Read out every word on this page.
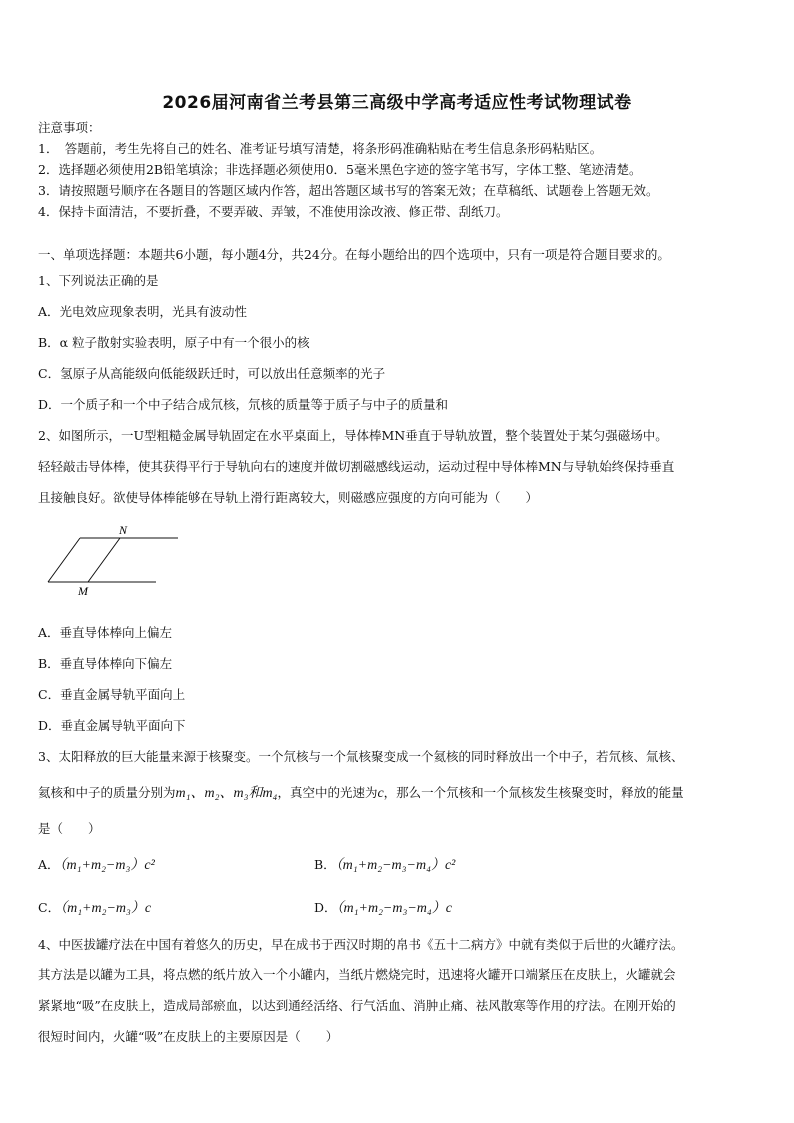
2026届河南省兰考县第三高级中学高考适应性考试物理试卷
注意事项：
1．　答题前，考生先将自己的姓名、准考证号填写清楚，将条形码准确粘贴在考生信息条形码粘贴区。
2．选择题必须使用2B铅笔填涂；非选择题必须使用0．5毫米黑色字迹的签字笔书写，字体工整、笔迹清楚。
3．请按照题号顺序在各题目的答题区域内作答，超出答题区域书写的答案无效；在草稿纸、试题卷上答题无效。
4．保持卡面清洁，不要折叠，不要弄破、弄皱，不准使用涂改液、修正带、刮纸刀。
一、单项选择题：本题共6小题，每小题4分，共24分。在每小题给出的四个选项中，只有一项是符合题目要求的。
1、下列说法正确的是
A．光电效应现象表明，光具有波动性
B．α 粒子散射实验表明，原子中有一个很小的核
C．氢原子从高能级向低能级跃迁时，可以放出任意频率的光子
D．一个质子和一个中子结合成氘核，氘核的质量等于质子与中子的质量和
2、如图所示，一U型粗糙金属导轨固定在水平桌面上，导体棒MN垂直于导轨放置，整个装置处于某匀强磁场中。
轻轻敲击导体棒，使其获得平行于导轨向右的速度并做切割磁感线运动，运动过程中导体棒MN与导轨始终保持垂直
且接触良好。欲使导体棒能够在导轨上滑行距离较大，则磁感应强度的方向可能为（　　）
N
M
A．垂直导体棒向上偏左
B．垂直导体棒向下偏左
C．垂直金属导轨平面向上
D．垂直金属导轨平面向下
3、太阳释放的巨大能量来源于核聚变。一个氘核与一个氚核聚变成一个氦核的同时释放出一个中子，若氘核、氚核、
氦核和中子的质量分别为m₁、m₂、m₃和m₄，真空中的光速为c，那么一个氘核和一个氚核发生核聚变时，释放的能量
是（　　）
A．（m₁+m₂−m₃）c²	B．（m₁+m₂−m₃−m₄）c²
C．（m₁+m₂−m₃）c	D．（m₁+m₂−m₃−m₄）c
4、中医拔罐疗法在中国有着悠久的历史，早在成书于西汉时期的帛书《五十二病方》中就有类似于后世的火罐疗法。
其方法是以罐为工具，将点燃的纸片放入一个小罐内，当纸片燃烧完时，迅速将火罐开口端紧压在皮肤上，火罐就会
紧紧地“吸”在皮肤上，造成局部瘀血，以达到通经活络、行气活血、消肿止痛、祛风散寒等作用的疗法。在刚开始的
很短时间内，火罐“吸”在皮肤上的主要原因是（　　）
